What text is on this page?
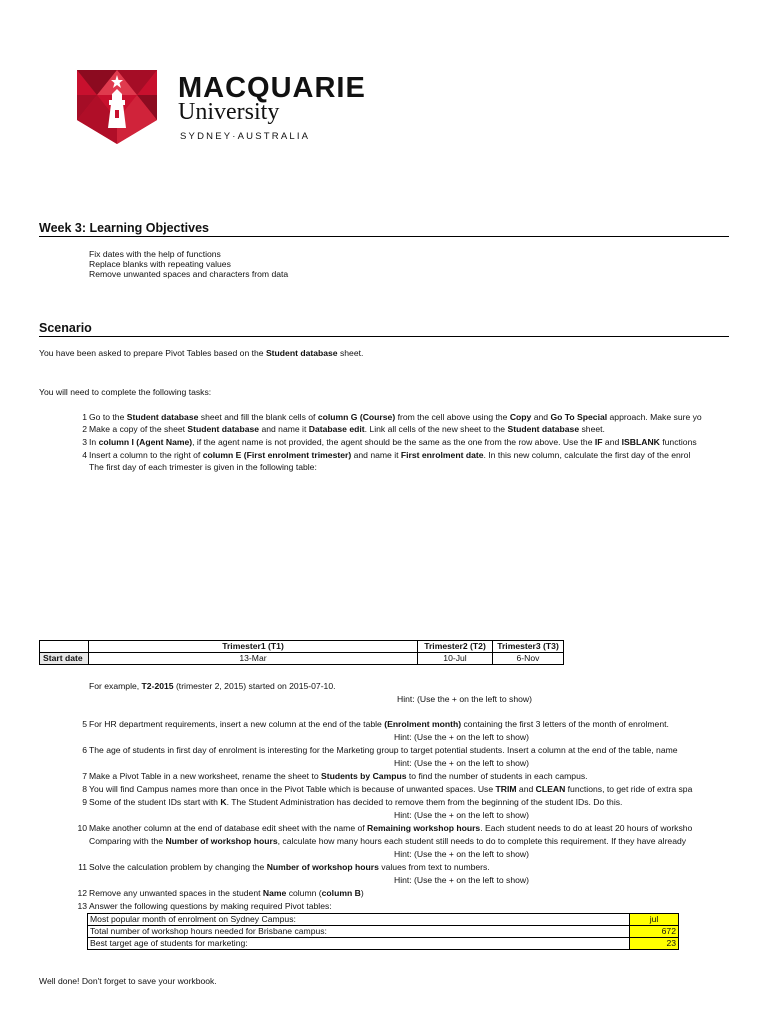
MACQUARIE
University
SYDNEY·AUSTRALIA
Week 3: Learning Objectives
Fix dates with the help of functions
Replace blanks with repeating values
Remove unwanted spaces and characters from data
Scenario
You have been asked to prepare Pivot Tables based on the Student database sheet.
You will need to complete the following tasks:
1 Go to the Student database sheet and fill the blank cells of column G (Course) from the cell above using the Copy and Go To Special approach. Make sure yo
2 Make a copy of the sheet Student database and name it Database edit. Link all cells of the new sheet to the Student database sheet.
3 In column I (Agent Name), if the agent name is not provided, the agent should be the same as the one from the row above. Use the IF and ISBLANK functions
4 Insert a column to the right of column E (First enrolment trimester) and name it First enrolment date. In this new column, calculate the first day of the enrol
The first day of each trimester is given in the following table:
	Trimester1 (T1)	Trimester2 (T2)	Trimester3 (T3)
Start date	13-Mar	10-Jul	6-Nov
For example, T2-2015 (trimester 2, 2015) started on 2015-07-10.
Hint: (Use the + on the left to show)
5 For HR department requirements, insert a new column at the end of the table (Enrolment month) containing the first 3 letters of the month of enrolment.
Hint: (Use the + on the left to show)
6 The age of students in first day of enrolment is interesting for the Marketing group to target potential students. Insert a column at the end of the table, name
Hint: (Use the + on the left to show)
7 Make a Pivot Table in a new worksheet, rename the sheet to Students by Campus to find the number of students in each campus.
8 You will find Campus names more than once in the Pivot Table which is because of unwanted spaces. Use TRIM and CLEAN functions, to get ride of extra spa
9 Some of the student IDs start with K. The Student Administration has decided to remove them from the beginning of the student IDs. Do this.
Hint: (Use the + on the left to show)
10 Make another column at the end of database edit sheet with the name of Remaining workshop hours. Each student needs to do at least 20 hours of worksho
Comparing with the Number of workshop hours, calculate how many hours each student still needs to do to complete this requirement. If they have already
Hint: (Use the + on the left to show)
11 Solve the calculation problem by changing the Number of workshop hours values from text to numbers.
Hint: (Use the + on the left to show)
12 Remove any unwanted spaces in the student Name column (column B)
13 Answer the following questions by making required Pivot tables:
Most popular month of enrolment on Sydney Campus:	jul
Total number of workshop hours needed for Brisbane campus:	672
Best target age of students for marketing:	23
Well done! Don't forget to save your workbook.
